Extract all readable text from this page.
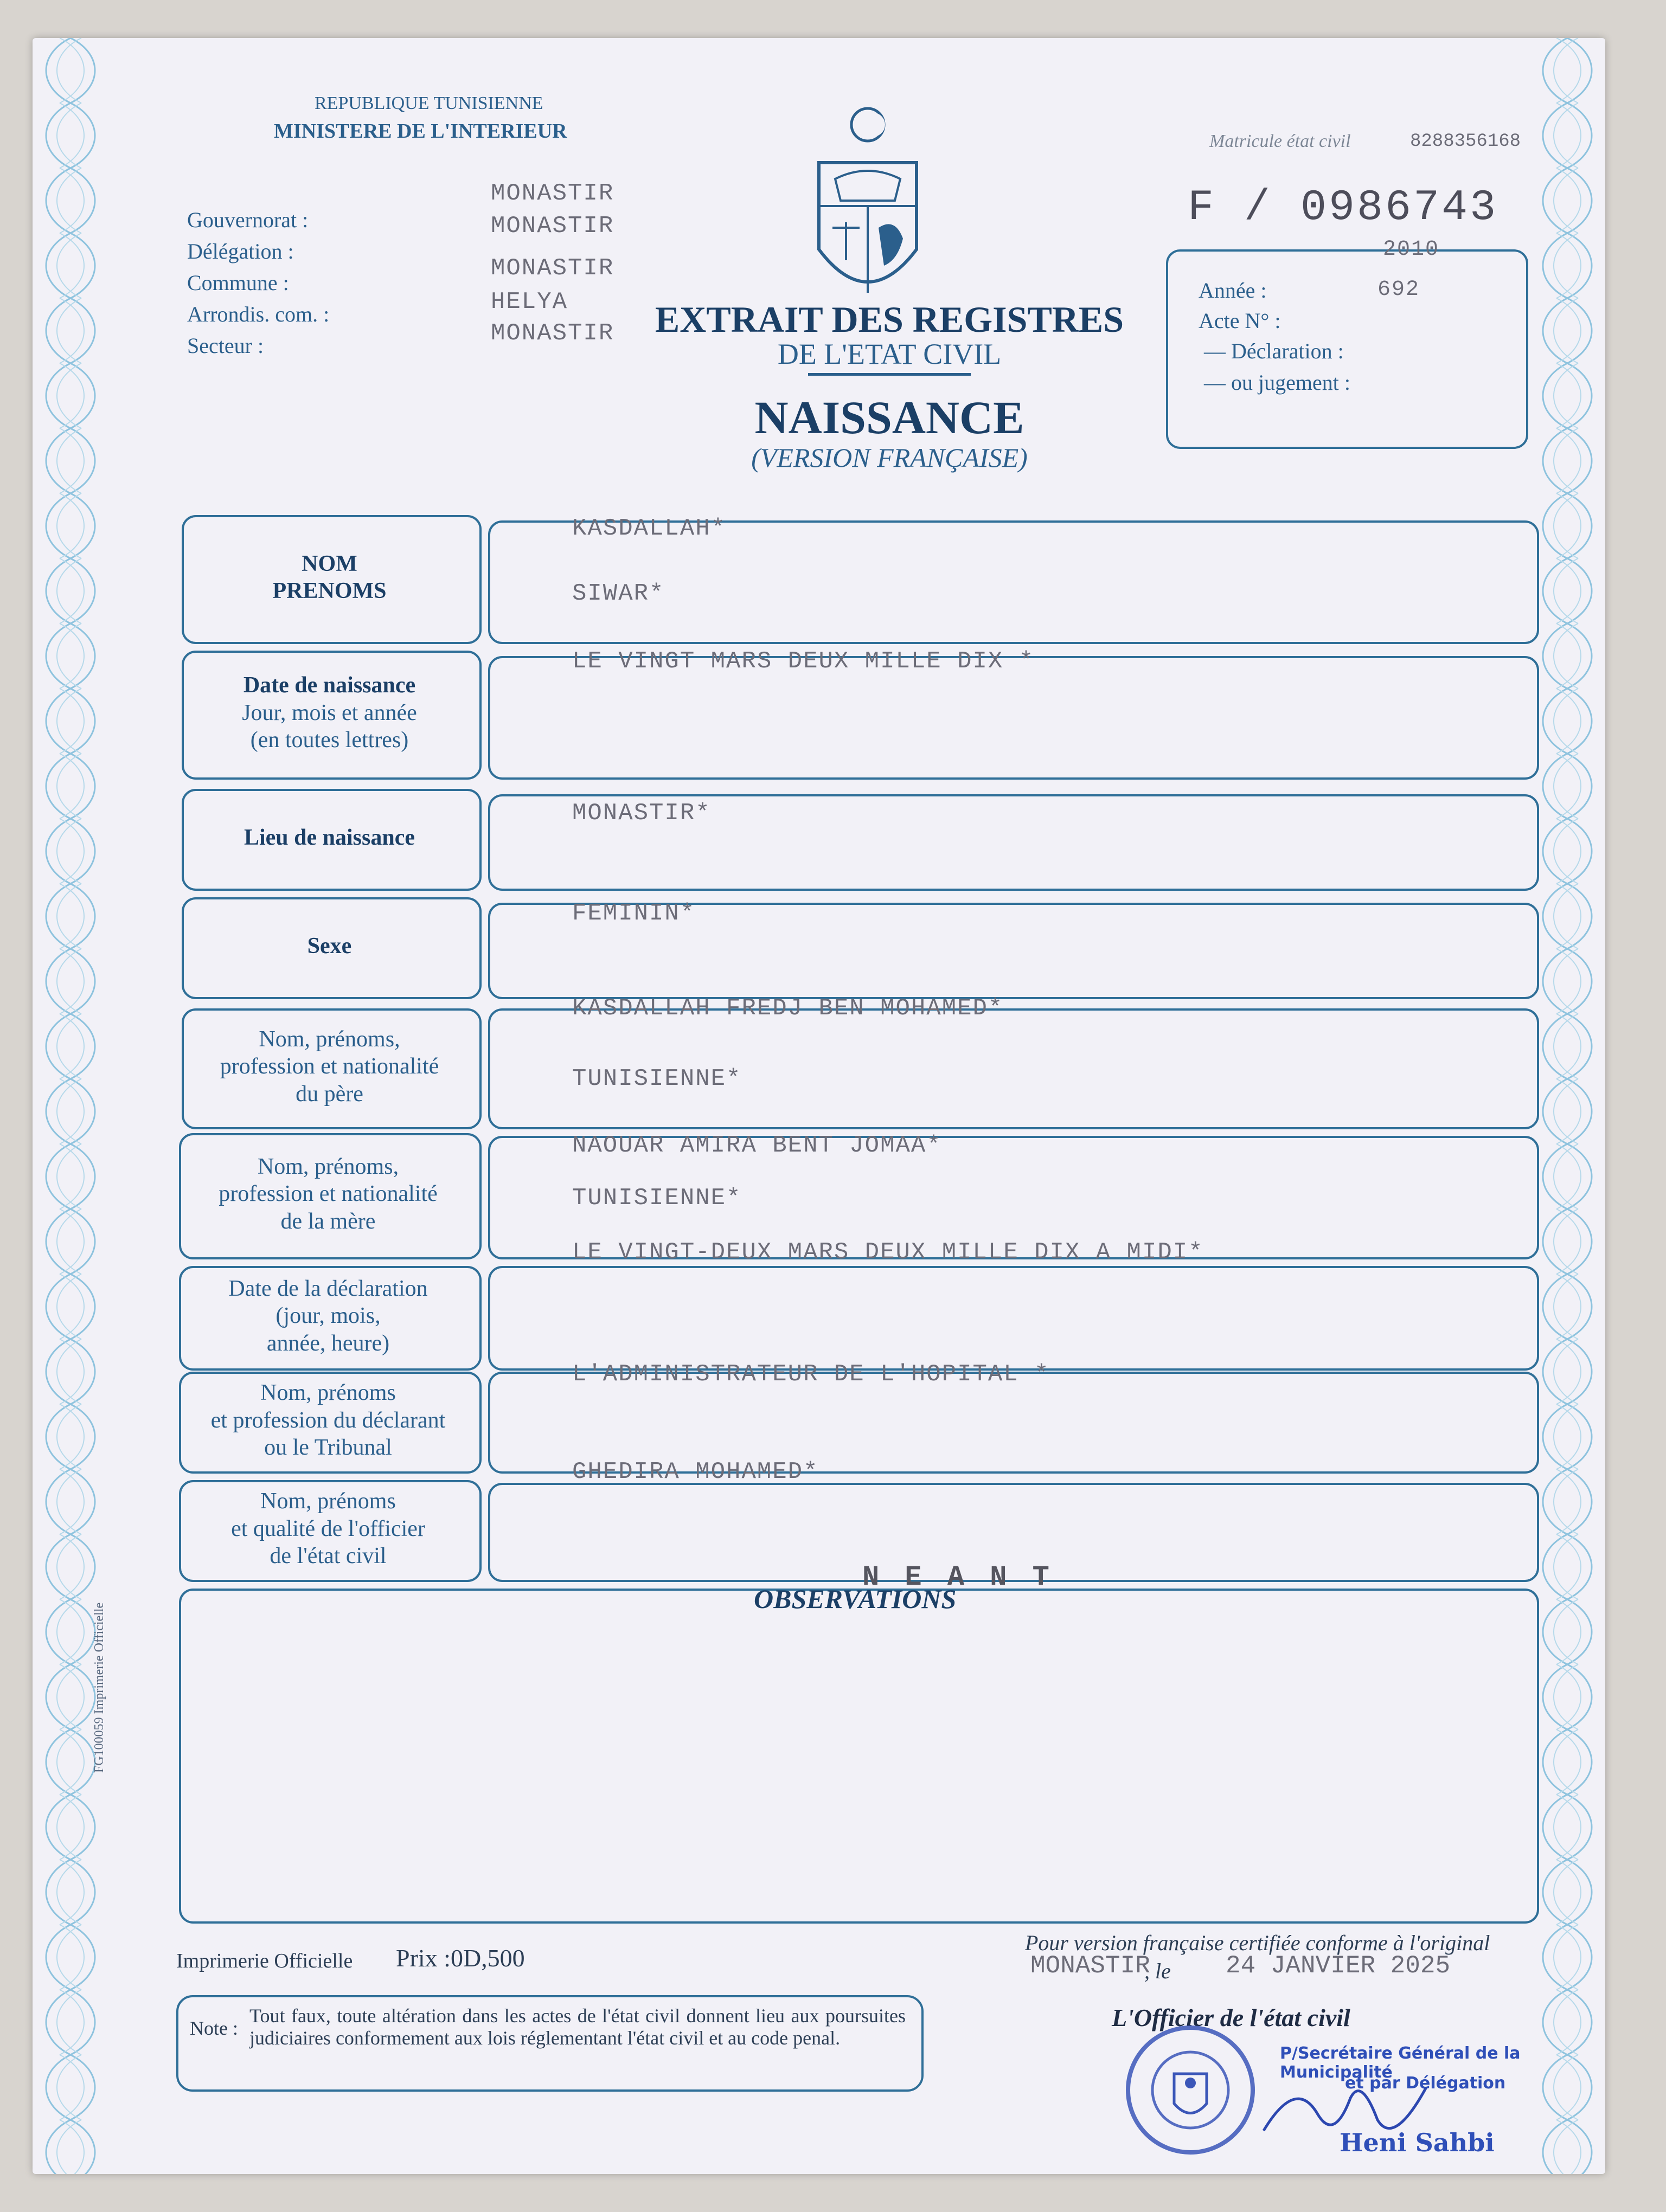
REPUBLIQUE TUNISIENNE
MINISTERE DE L'INTERIEUR
Gouvernorat :
Délégation :
Commune :
Arrondis. com. :
Secteur :
MONASTIR
MONASTIR
MONASTIR
HELYA
MONASTIR	EXTRAIT DES REGISTRES
DE L'ETAT CIVIL
NAISSANCE
(VERSION FRANÇAISE)
Matricule état civil	8288356168
F / 0986743
Année :
2010
Acte N° :
692
— Déclaration :
— ou jugement :
NOM
PRENOMS
KASDALLAH*
SIWAR*
Date de naissance
Jour, mois et année
(en toutes lettres)
LE VINGT MARS DEUX MILLE DIX *
Lieu de naissance
MONASTIR*
Sexe
FEMININ*
Nom, prénoms,
profession et nationalité
du père
KASDALLAH FREDJ BEN MOHAMED*
TUNISIENNE*
Nom, prénoms,
profession et nationalité
de la mère
NAOUAR AMIRA BENT JOMAA*
TUNISIENNE*
Date de la déclaration
(jour, mois,
année, heure)
LE VINGT-DEUX MARS DEUX MILLE DIX A MIDI*
Nom, prénoms
et profession du déclarant
ou le Tribunal
L'ADMINISTRATEUR DE L'HOPITAL *
Nom, prénoms
et qualité de l'officier
de l'état civil
GHEDIRA MOHAMED*
OBSERVATIONS
N E A N T
FG100059 Imprimerie Officielle
Imprimerie Officielle Prix :0D,500
Note :
Tout faux, toute altération dans les actes de l'état civil donnent lieu aux poursuites judiciaires conformement aux lois réglementant l'état civil et au code penal.
Pour version française certifiée conforme à l'original
MONASTIR
, le 24 JANVIER 2025
L'Officier de l'état civil
P/Secrétaire Général de la Municipalité
et par Délégation
Heni Sahbi
